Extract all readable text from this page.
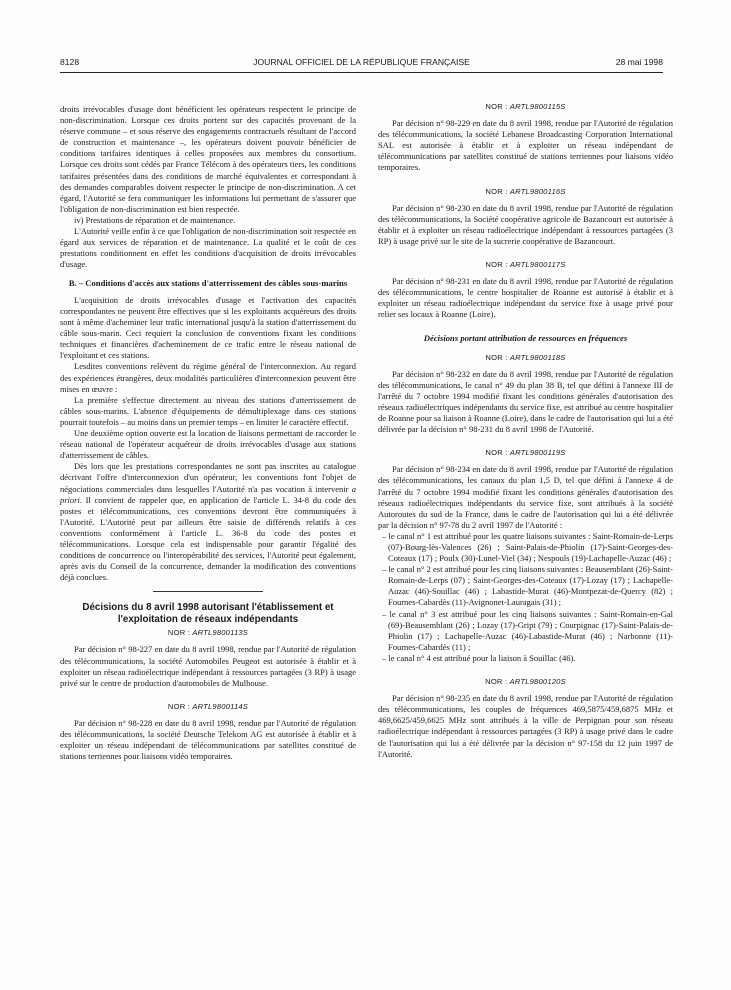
8128	JOURNAL OFFICIEL DE LA RÉPUBLIQUE FRANÇAISE	28 mai 1998

droits irrévocables d'usage dont bénéficient les opérateurs respectent le principe de non-discrimination. Lorsque ces droits portent sur des capacités provenant de la réserve commune – et sous réserve des engagements contractuels résultant de l'accord de construction et maintenance –, les opérateurs doivent pouvoir bénéficier de conditions tarifaires identiques à celles proposées aux membres du consortium. Lorsque ces droits sont cédés par France Télécom à des opérateurs tiers, les conditions tarifaires présentées dans des conditions de marché équivalentes et correspondant à des demandes comparables doivent respecter le principe de non-discrimination. A cet égard, l'Autorité se fera communiquer les informations lui permettant de s'assurer que l'obligation de non-discrimination est bien respectée.

iv) Prestations de réparation et de maintenance.

L'Autorité veille enfin à ce que l'obligation de non-discrimination soit respectée en égard aux services de réparation et de maintenance. La qualité et le coût de ces prestations conditionnent en effet les conditions d'acquisition de droits irrévocables d'usage.

B. – Conditions d'accès aux stations d'atterrissement des câbles sous-marins

L'acquisition de droits irrévocables d'usage et l'activation des capacités correspondantes ne peuvent être effectives que si les exploitants acquéreurs des droits sont à même d'acheminer leur trafic international jusqu'à la station d'atterrissement du câble sous-marin. Ceci requiert la conclusion de conventions fixant les conditions techniques et financières d'acheminement de ce trafic entre le réseau national de l'exploitant et ces stations.

Lesdites conventions relèvent du régime général de l'interconnexion. Au regard des expériences étrangères, deux modalités particulières d'interconnexion peuvent être mises en œuvre :

La première s'effectue directement au niveau des stations d'atterrissement de câbles sous-marins. L'absence d'équipements de démultiplexage dans ces stations pourrait toutefois – au moins dans un premier temps – en limiter le caractère effectif.

Une deuxième option ouverte est la location de liaisons permettant de raccorder le réseau national de l'opérateur acquéreur de droits irrévocables d'usage aux stations d'atterrissement de câbles.

Dès lors que les prestations correspondantes ne sont pas inscrites au catalogue décrivant l'offre d'interconnexion d'un opérateur, les conventions font l'objet de négociations commerciales dans lesquelles l'Autorité n'a pas vocation à intervenir a priori. Il convient de rappeler que, en application de l'article L. 34-8 du code des postes et télécommunications, ces conventions devront être communiquées à l'Autorité. L'Autorité peut par ailleurs être saisie de différends relatifs à ces conventions conformément à l'article L. 36-8 du code des postes et télécommunications. Lorsque cela est indispensable pour garantir l'égalité des conditions de concurrence ou l'interopérabilité des services, l'Autorité peut également, après avis du Conseil de la concurrence, demander la modification des conventions déjà conclues.

Décisions du 8 avril 1998 autorisant l'établissement et l'exploitation de réseaux indépendants
NOR : ARTL9800113S

Par décision n° 98-227 en date du 8 avril 1998, rendue par l'Autorité de régulation des télécommunications, la société Automobiles Peugeot est autorisée à établir et à exploiter un réseau radioélectrique indépendant à ressources partagées (3 RP) à usage privé sur le centre de production d'automobiles de Mulhouse.

NOR : ARTL9800114S

Par décision n° 98-228 en date du 8 avril 1998, rendue par l'Autorité de régulation des télécommunications, la société Deutsche Telekom AG est autorisée à établir et à exploiter un réseau indépendant de télécommunications par satellites constitué de stations terriennes pour liaisons vidéo temporaires.

NOR : ARTL9800115S

Par décision n° 98-229 en date du 8 avril 1998, rendue par l'Autorité de régulation des télécommunications, la société Lebanese Broadcasting Corporation International SAL est autorisée à établir et à exploiter un réseau indépendant de télécommunications par satellites constitué de stations terriennes pour liaisons vidéo temporaires.

NOR : ARTL9800116S

Par décision n° 98-230 en date du 8 avril 1998, rendue par l'Autorité de régulation des télécommunications, la Société coopérative agricole de Bazancourt est autorisée à établir et à exploiter un réseau radioélectrique indépendant à ressources partagées (3 RP) à usage privé sur le site de la sucrerie coopérative de Bazancourt.

NOR : ARTL9800117S

Par décision n° 98-231 en date du 8 avril 1998, rendue par l'Autorité de régulation des télécommunications, le centre hospitalier de Roanne est autorisé à établir et à exploiter un réseau radioélectrique indépendant du service fixe à usage privé pour relier ses locaux à Roanne (Loire).

Décisions portant attribution de ressources en fréquences
NOR : ARTL9800118S

Par décision n° 98-232 en date du 8 avril 1998, rendue par l'Autorité de régulation des télécommunications, le canal n° 49 du plan 38 B, tel que défini à l'annexe III de l'arrêté du 7 octobre 1994 modifié fixant les conditions générales d'autorisation des réseaux radioélectriques indépendants du service fixe, est attribué au centre hospitalier de Roanne pour sa liaison à Roanne (Loire), dans le cadre de l'autorisation qui lui a été délivrée par la décision n° 98-231 du 8 avril 1998 de l'Autorité.

NOR : ARTL9800119S

Par décision n° 98-234 en date du 8 avril 1998, rendue par l'Autorité de régulation des télécommunications, les canaux du plan 1,5 D, tel que défini à l'annexe 4 de l'arrêté du 7 octobre 1994 modifié fixant les conditions générales d'autorisation des réseaux radioélectriques indépendants du service fixe, sont attribués à la société Autoroutes du sud de la France, dans le cadre de l'autorisation qui lui a été délivrée par la décision n° 97-78 du 2 avril 1997 de l'Autorité :

– le canal n° 1 est attribué pour les quatre liaisons suivantes : Saint-Romain-de-Lerps (07)-Bourg-lès-Valences (26) ; Saint-Palais-de-Phiolin (17)-Saint-Georges-des-Coteaux (17) ; Poulx (30)-Lunel-Viel (34) ; Nespouls (19)-Lachapelle-Auzac (46) ;

– le canal n° 2 est attribué pour les cinq liaisons suivantes : Beausemblant (26)-Saint-Romain-de-Lerps (07) ; Saint-Georges-des-Coteaux (17)-Lozay (17) ; Lachapelle-Auzac (46)-Souillac (46) ; Labastide-Murat (46)-Montpezat-de-Quercy (82) ; Fournes-Cabardès (11)-Avignonet-Lauragais (31) ;

– le canal n° 3 est attribué pour les cinq liaisons suivantes : Saint-Romain-en-Gal (69)-Beausemblant (26) ; Lozay (17)-Gript (79) ; Courpignac (17)-Saint-Palais-de-Phiolin (17) ; Lachapelle-Auzac (46)-Labastide-Murat (46) ; Narbonne (11)-Fournes-Cabardès (11) ;

– le canal n° 4 est attribué pour la liaison à Souillac (46).

NOR : ARTL9800120S

Par décision n° 98-235 en date du 8 avril 1998, rendue par l'Autorité de régulation des télécommunications, les couples de fréquences 469,5875/459,6875 MHz et 469,6625/459,6625 MHz sont attribués à la ville de Perpignan pour son réseau radioélectrique indépendant à ressources partagées (3 RP) à usage privé dans le cadre de l'autorisation qui lui a été délivrée par la décision n° 97-158 du 12 juin 1997 de l'Autorité.
